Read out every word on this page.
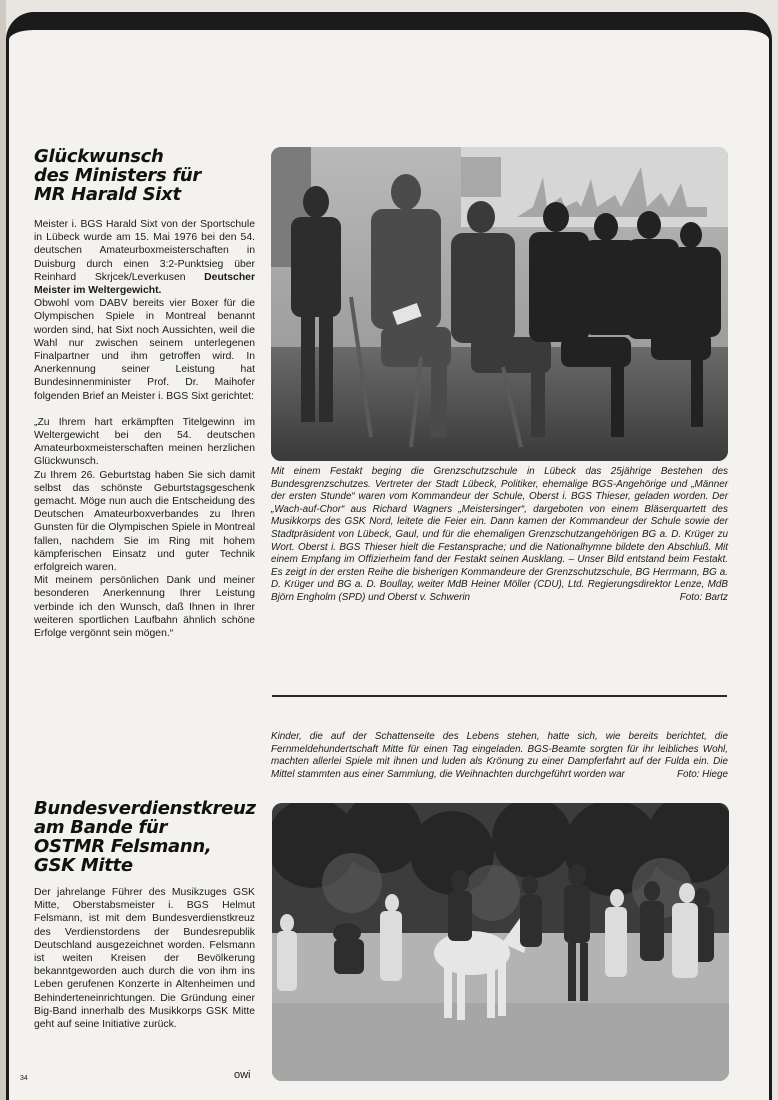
Glückwunsch
des Ministers für
MR Harald Sixt

Meister i. BGS Harald Sixt von der Sportschule in Lübeck wurde am 15. Mai 1976 bei den 54. deutschen Amateurboxmeisterschaften in Duisburg durch einen 3:2-Punktsieg über Reinhard Skrjcek/Leverkusen Deutscher Meister im Weltergewicht.

Obwohl vom DABV bereits vier Boxer für die Olympischen Spiele in Montreal benannt worden sind, hat Sixt noch Aussichten, weil die Wahl nur zwischen seinem unterlegenen Finalpartner und ihm getroffen wird. In Anerkennung seiner Leistung hat Bundesinnenminister Prof. Dr. Maihofer folgenden Brief an Meister i. BGS Sixt gerichtet:

„Zu Ihrem hart erkämpften Titelgewinn im Weltergewicht bei den 54. deutschen Amateurboxmeisterschaften meinen herzlichen Glückwunsch.

Zu Ihrem 26. Geburtstag haben Sie sich damit selbst das schönste Geburtstagsgeschenk gemacht. Möge nun auch die Entscheidung des Deutschen Amateurboxverbandes zu Ihren Gunsten für die Olympischen Spiele in Montreal fallen, nachdem Sie im Ring mit hohem kämpferischen Einsatz und guter Technik erfolgreich waren.

Mit meinem persönlichen Dank und meiner besonderen Anerkennung Ihrer Leistung verbinde ich den Wunsch, daß Ihnen in Ihrer weiteren sportlichen Laufbahn ähnlich schöne Erfolge vergönnt sein mögen.“

Mit einem Festakt beging die Grenzschutzschule in Lübeck das 25jährige Bestehen des Bundesgrenzschutzes. Vertreter der Stadt Lübeck, Politiker, ehemalige BGS-Angehörige und „Männer der ersten Stunde“ waren vom Kommandeur der Schule, Oberst i. BGS Thieser, geladen worden. Der „Wach-auf-Chor“ aus Richard Wagners „Meistersinger“, dargeboten von einem Bläserquartett des Musikkorps des GSK Nord, leitete die Feier ein. Dann kamen der Kommandeur der Schule sowie der Stadtpräsident von Lübeck, Gaul, und für die ehemaligen Grenzschutzangehörigen BG a. D. Krüger zu Wort. Oberst i. BGS Thieser hielt die Festansprache; und die Nationalhymne bildete den Abschluß. Mit einem Empfang im Offizierheim fand der Festakt seinen Ausklang. – Unser Bild entstand beim Festakt. Es zeigt in der ersten Reihe die bisherigen Kommandeure der Grenzschutzschule, BG Herrmann, BG a. D. Krüger und BG a. D. Boullay, weiter MdB Heiner Möller (CDU), Ltd. Regierungsdirektor Lenze, MdB Björn Engholm (SPD) und Oberst v. Schwerin	Foto: Bartz
Kinder, die auf der Schattenseite des Lebens stehen, hatte sich, wie bereits berichtet, die Fernmeldehundertschaft Mitte für einen Tag eingeladen. BGS-Beamte sorgten für ihr leibliches Wohl, machten allerlei Spiele mit ihnen und luden als Krönung zu einer Dampferfahrt auf der Fulda ein. Die Mittel stammten aus einer Sammlung, die Weihnachten durchgeführt worden war	Foto: Hiege
Bundesverdienstkreuz
am Bande für
OSTMR Felsmann,
GSK Mitte

Der jahrelange Führer des Musikzuges GSK Mitte, Oberstabsmeister i. BGS Helmut Felsmann, ist mit dem Bundesverdienstkreuz des Verdienstordens der Bundesrepublik Deutschland ausgezeichnet worden. Felsmann ist weiten Kreisen der Bevölkerung bekanntgeworden auch durch die von ihm ins Leben gerufenen Konzerte in Altenheimen und Behinderteneinrichtungen. Die Gründung einer Big-Band innerhalb des Musikkorps GSK Mitte geht auf seine Initiative zurück.

34	owi
